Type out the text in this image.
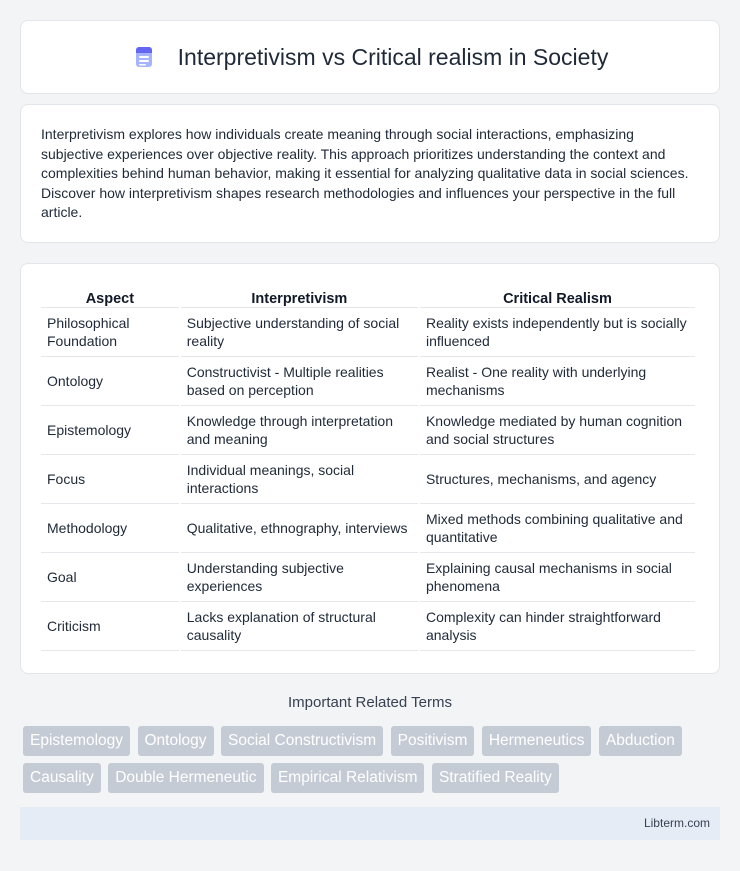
Interpretivism vs Critical realism in Society

Interpretivism explores how individuals create meaning through social interactions, emphasizing subjective experiences over objective reality. This approach prioritizes understanding the context and complexities behind human behavior, making it essential for analyzing qualitative data in social sciences. Discover how interpretivism shapes research methodologies and influences your perspective in the full article.

Aspect	Interpretivism	Critical Realism
Philosophical Foundation	Subjective understanding of social reality	Reality exists independently but is socially influenced
Ontology	Constructivist - Multiple realities based on perception	Realist - One reality with underlying mechanisms
Epistemology	Knowledge through interpretation and meaning	Knowledge mediated by human cognition and social structures
Focus	Individual meanings, social interactions	Structures, mechanisms, and agency
Methodology	Qualitative, ethnography, interviews	Mixed methods combining qualitative and quantitative
Goal	Understanding subjective experiences	Explaining causal mechanisms in social phenomena
Criticism	Lacks explanation of structural causality	Complexity can hinder straightforward analysis
Important Related Terms
Epistemology Ontology Social Constructivism Positivism Hermeneutics Abduction Causality Double Hermeneutic Empirical Relativism Stratified Reality
Libterm.com
